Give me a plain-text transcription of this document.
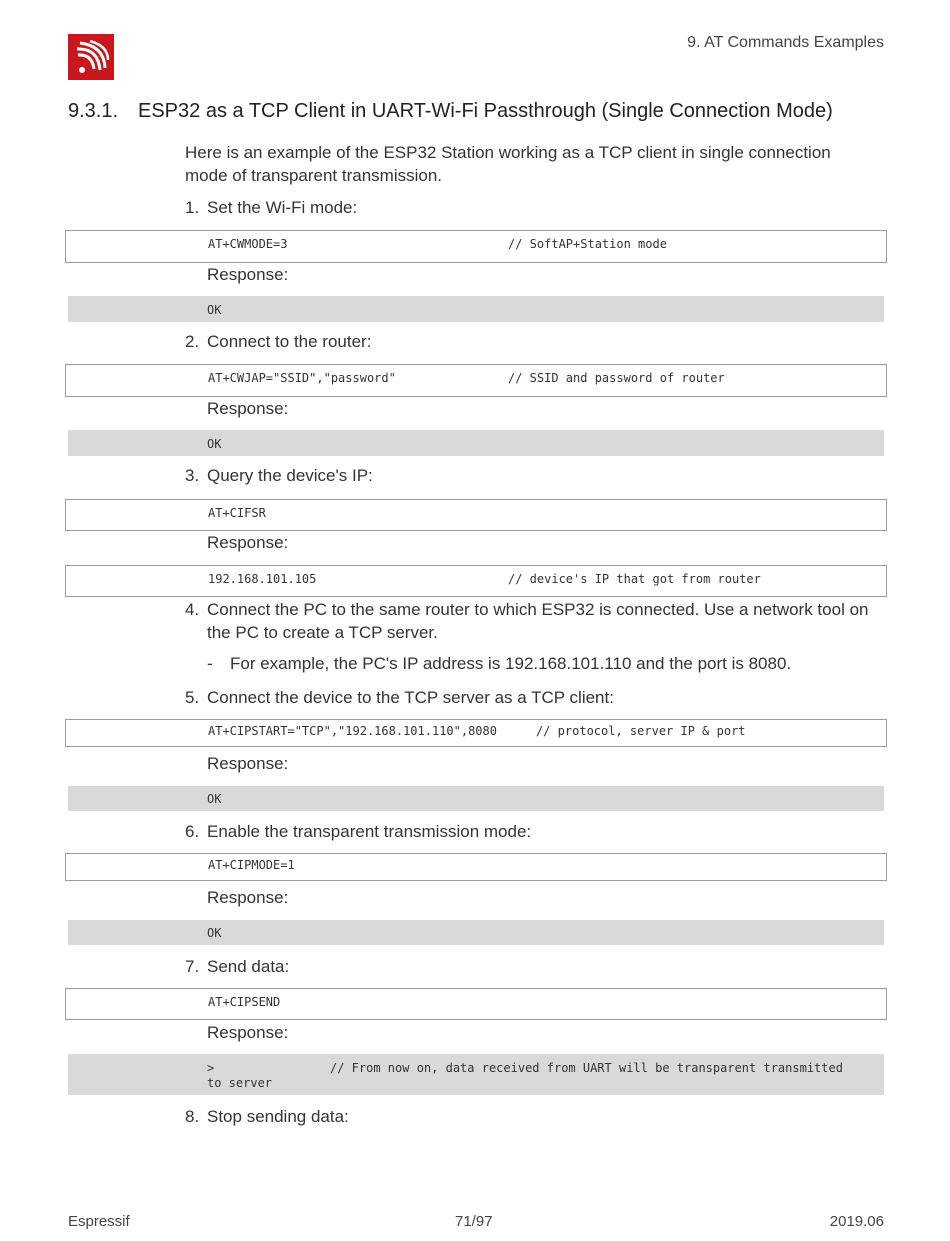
9. AT Commands Examples
9.3.1. ESP32 as a TCP Client in UART-Wi-Fi Passthrough (Single Connection Mode)
Here is an example of the ESP32 Station working as a TCP client in single connection mode of transparent transmission.
1. Set the Wi-Fi mode:
AT+CWMODE=3	// SoftAP+Station mode
Response:
OK
2. Connect to the router:
AT+CWJAP="SSID","password"	// SSID and password of router
Response:
OK
3. Query the device's IP:
AT+CIFSR
Response:
192.168.101.105	// device's IP that got from router
4. Connect the PC to the same router to which ESP32 is connected. Use a network tool on the PC to create a TCP server.
- For example, the PC's IP address is 192.168.101.110 and the port is 8080.
5. Connect the device to the TCP server as a TCP client:
AT+CIPSTART="TCP","192.168.101.110",8080	// protocol, server IP & port
Response:
OK
6. Enable the transparent transmission mode:
AT+CIPMODE=1
Response:
OK
7. Send data:
AT+CIPSEND
Response:
>	// From now on, data received from UART will be transparent transmitted
to server
8. Stop sending data:
Espressif	71/97	2019.06
